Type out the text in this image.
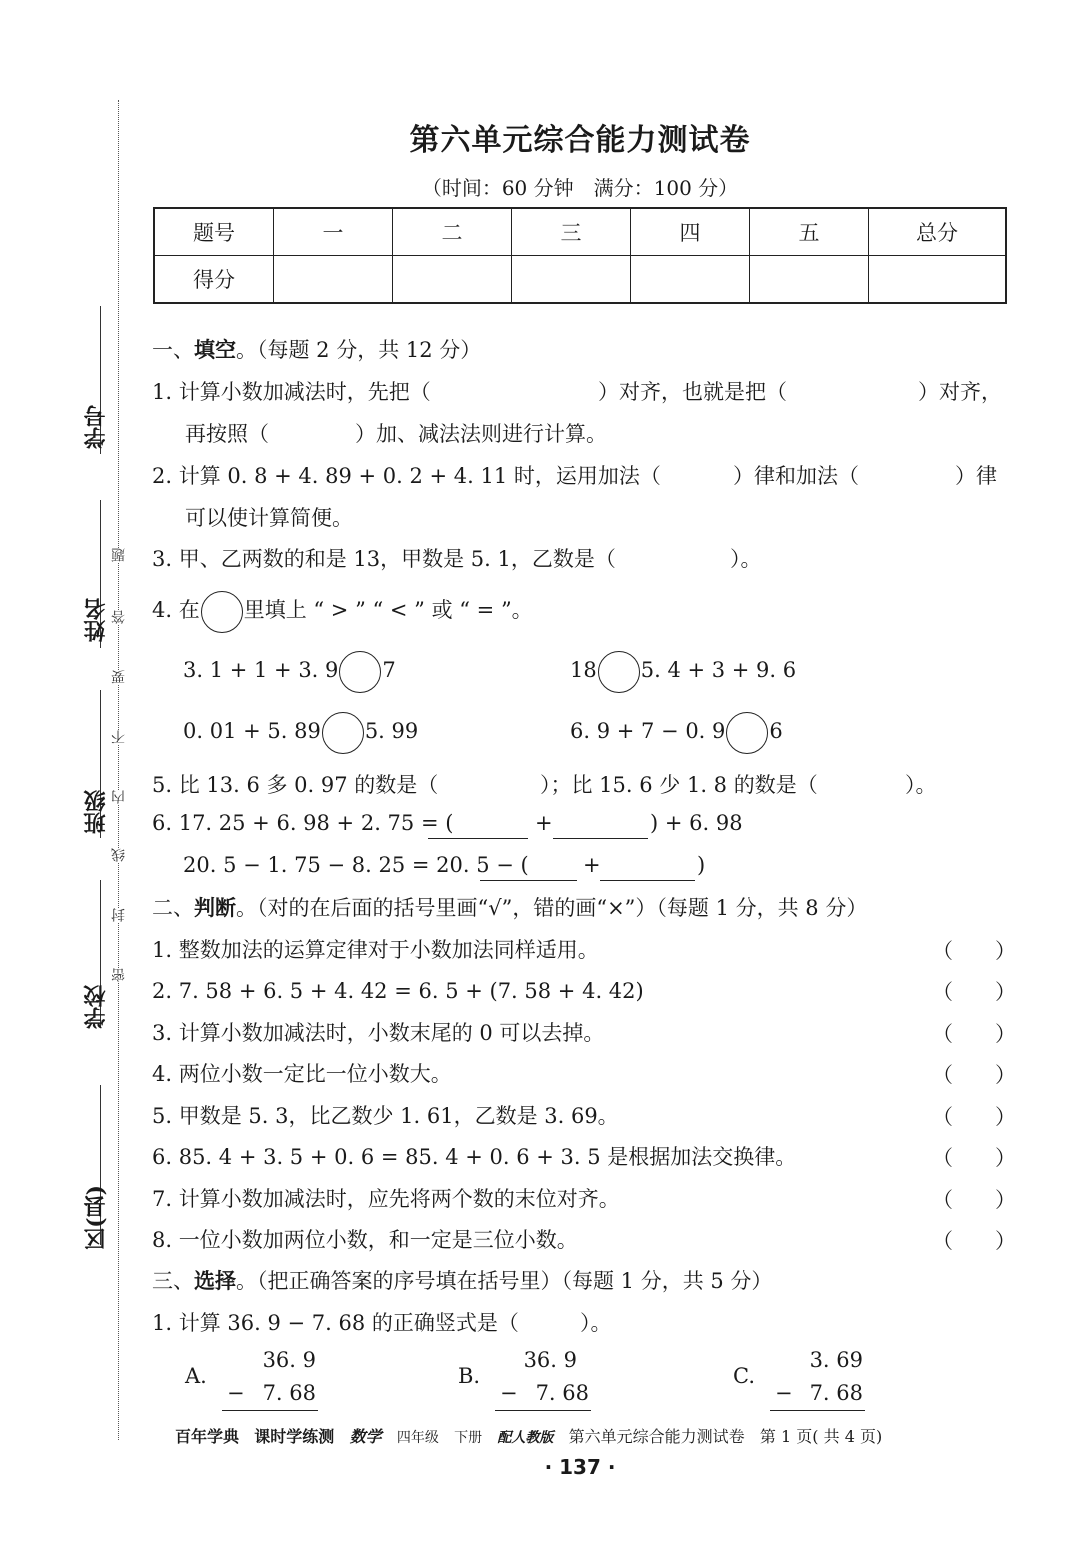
学号
姓名
班级
学校
区(县)
题
答
要
不
内
线
封
密
第六单元综合能力测试卷
（时间：60 分钟　满分：100 分）
题号	一	二	三	四	五	总分
得分						
一、填空。（每题 2 分，共 12 分）
1. 计算小数加减法时，先把（	）对齐，也就是把（	）对齐，
再按照（	）加、减法法则进行计算。
2. 计算 0. 8 + 4. 89 + 0. 2 + 4. 11 时，运用加法（	）律和加法（	）律
可以使计算简便。
3. 甲、乙两数的和是 13，甲数是 5. 1，乙数是（	）。
4. 在 里填上 “ > ” “ < ” 或 “ = ”。
3. 1 + 1 + 3. 9 7	18 5. 4 + 3 + 9. 6
0. 01 + 5. 89 5. 99	6. 9 + 7 − 0. 9 6
5. 比 13. 6 多 0. 97 的数是（	）；比 15. 6 少 1. 8 的数是（	）。
6. 17. 25 + 6. 98 + 2. 75 = (	+	) + 6. 98
20. 5 − 1. 75 − 8. 25 = 20. 5 − (	+	)
二、判断。（对的在后面的括号里画“√”，错的画“×”）（每题 1 分，共 8 分）
1. 整数加法的运算定律对于小数加法同样适用。	（　　）
2. 7. 58 + 6. 5 + 4. 42 = 6. 5 + (7. 58 + 4. 42)	（　　）
3. 计算小数加减法时，小数末尾的 0 可以去掉。	（　　）
4. 两位小数一定比一位小数大。	（　　）
5. 甲数是 5. 3，比乙数少 1. 61，乙数是 3. 69。	（　　）
6. 85. 4 + 3. 5 + 0. 6 = 85. 4 + 0. 6 + 3. 5 是根据加法交换律。	（　　）
7. 计算小数加减法时，应先将两个数的末位对齐。	（　　）
8. 一位小数加两位小数，和一定是三位小数。	（　　）
三、选择。（把正确答案的序号填在括号里）（每题 1 分，共 5 分）
1. 计算 36. 9 − 7. 68 的正确竖式是（	）。
A.
36. 9
− 7. 68
B.
36. 9
− 7. 68
C.
3. 69
− 7. 68
百年学典 课时学练测 数学 四年级 下册 配人教版 第六单元综合能力测试卷 第 1 页( 共 4 页)
· 137 ·
